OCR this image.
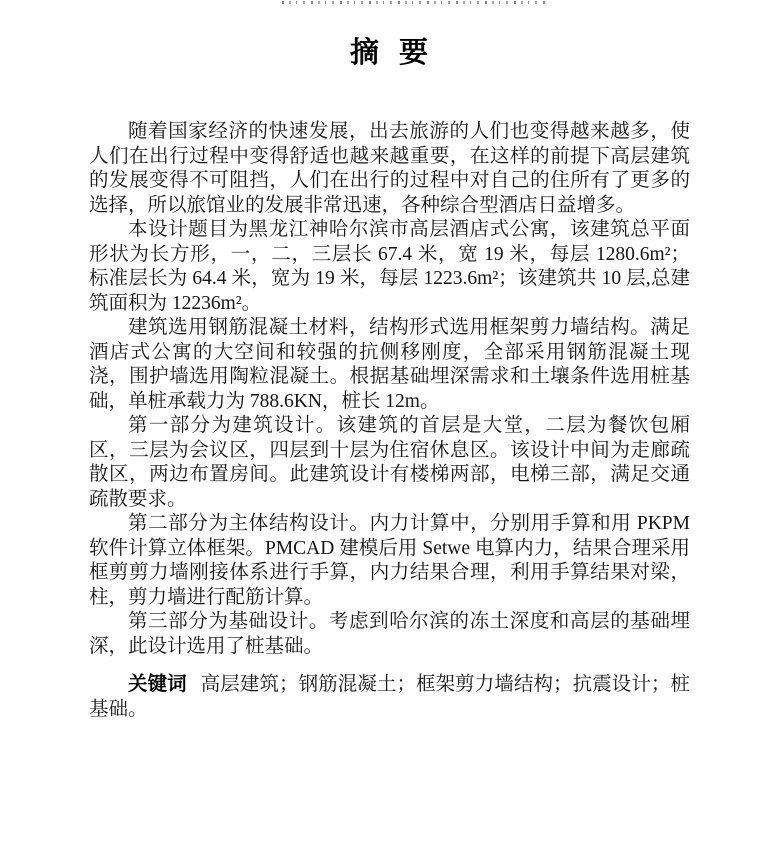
摘 要

随着国家经济的快速发展，出去旅游的人们也变得越来越多，使人们在出行过程中变得舒适也越来越重要，在这样的前提下高层建筑的发展变得不可阻挡，人们在出行的过程中对自己的住所有了更多的选择，所以旅馆业的发展非常迅速，各种综合型酒店日益增多。

本设计题目为黑龙江神哈尔滨市高层酒店式公寓，该建筑总平面形状为长方形，一，二，三层长 67.4 米，宽 19 米，每层 1280.6m²；标准层长为 64.4 米，宽为 19 米，每层 1223.6m²；该建筑共 10 层,总建筑面积为 12236m²。

建筑选用钢筋混凝土材料，结构形式选用框架剪力墙结构。满足酒店式公寓的大空间和较强的抗侧移刚度，全部采用钢筋混凝土现浇，围护墙选用陶粒混凝土。根据基础埋深需求和土壤条件选用桩基础，单桩承载力为 788.6KN，桩长 12m。

第一部分为建筑设计。该建筑的首层是大堂，二层为餐饮包厢区，三层为会议区，四层到十层为住宿休息区。该设计中间为走廊疏散区，两边布置房间。此建筑设计有楼梯两部，电梯三部，满足交通疏散要求。

第二部分为主体结构设计。内力计算中，分别用手算和用 PKPM 软件计算立体框架。PMCAD 建模后用 Setwe 电算内力，结果合理采用框剪剪力墙刚接体系进行手算，内力结果合理，利用手算结果对梁，柱，剪力墙进行配筋计算。

第三部分为基础设计。考虑到哈尔滨的冻土深度和高层的基础埋深，此设计选用了桩基础。

关键词 高层建筑；钢筋混凝土；框架剪力墙结构；抗震设计；桩基础。
